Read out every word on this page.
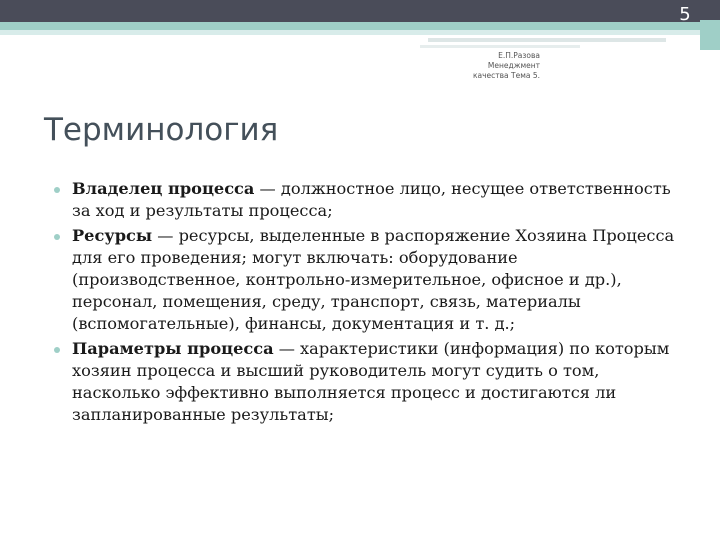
5
Е.П.Разова
Менеджмент
качества Тема 5.
Терминология
Владелец процесса — должностное лицо, несущее ответственность за ход и результаты процесса;
Ресурсы — ресурсы, выделенные в распоряжение Хозяина Процесса для его проведения; могут включать: оборудование (производственное, контрольно-измерительное, офисное и др.), персонал, помещения, среду, транспорт, связь, материалы (вспомогательные), финансы, документация и т. д.;
Параметры процесса — характеристики (информация) по которым хозяин процесса и высший руководитель могут судить о том, насколько эффективно выполняется процесс и достигаются ли запланированные результаты;
